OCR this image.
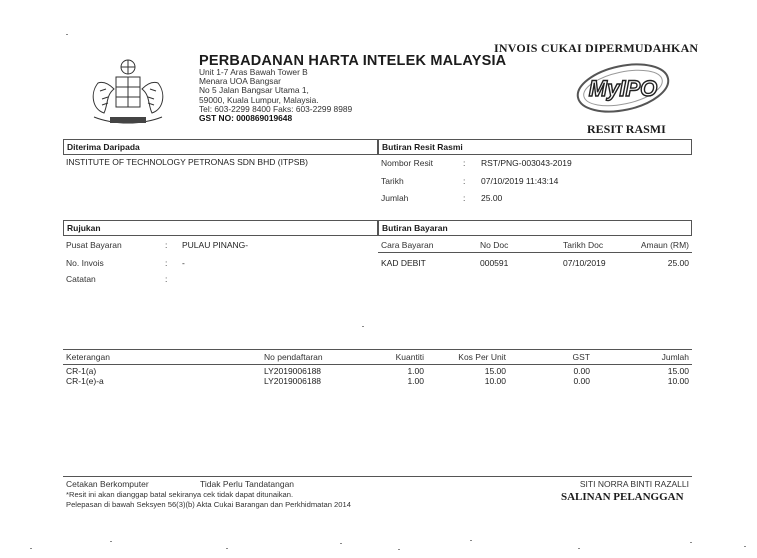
INVOIS CUKAI DIPERMUDAHKAN
PERBADANAN HARTA INTELEK MALAYSIA
Unit 1-7 Aras Bawah Tower B
Menara UOA Bangsar
No 5 Jalan Bangsar Utama 1,
59000, Kuala Lumpur, Malaysia.
Tel: 603-2299 8400 Faks: 603-2299 8989
GST NO: 000869019648
MyIPO
RESIT RASMI
Diterima Daripada	Butiran Resit Rasmi
INSTITUTE OF TECHNOLOGY PETRONAS SDN BHD (ITPSB)	Nombor Resit	: RST/PNG-003043-2019
Tarikh	: 07/10/2019 11:43:14
Jumlah	: 25.00
Rujukan	Butiran Bayaran
Pusat Bayaran	: PULAU PINANG-
No. Invois	: -
Catatan	:
Cara Bayaran	No Doc	Tarikh Doc	Amaun (RM)
KAD DEBIT	000591	07/10/2019	25.00
Keterangan	No pendaftaran	Kuantiti	Kos Per Unit	GST	Jumlah
CR-1(a)	LY2019006188	1.00	15.00	0.00	15.00
CR-1(e)-a	LY2019006188	1.00	10.00	0.00	10.00
Cetakan Berkomputer	Tidak Perlu Tandatangan
*Resit ini akan dianggap batal sekiranya cek tidak dapat ditunaikan.
Pelepasan di bawah Seksyen 56(3)(b) Akta Cukai Barangan dan Perkhidmatan 2014
SITI NORRA BINTI RAZALLI
SALINAN PELANGGAN
